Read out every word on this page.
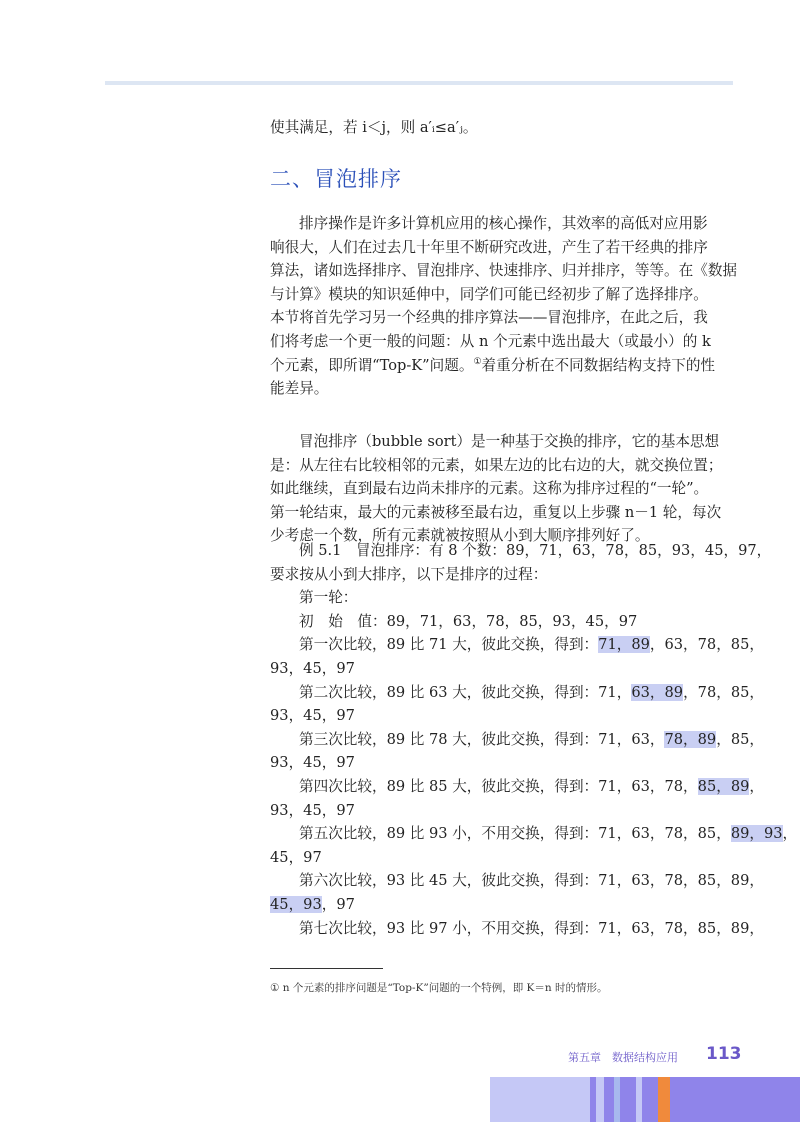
使其满足，若 i＜j，则 a′ᵢ≤a′ⱼ。
二、冒泡排序
排序操作是许多计算机应用的核心操作，其效率的高低对应用影
响很大，人们在过去几十年里不断研究改进，产生了若干经典的排序
算法，诸如选择排序、冒泡排序、快速排序、归并排序，等等。在《数据
与计算》模块的知识延伸中，同学们可能已经初步了解了选择排序。
本节将首先学习另一个经典的排序算法——冒泡排序，在此之后，我
们将考虑一个更一般的问题：从 n 个元素中选出最大（或最小）的 k
个元素，即所谓“Top-K”问题。①着重分析在不同数据结构支持下的性
能差异。
冒泡排序（bubble sort）是一种基于交换的排序，它的基本思想
是：从左往右比较相邻的元素，如果左边的比右边的大，就交换位置；
如此继续，直到最右边尚未排序的元素。这称为排序过程的“一轮”。
第一轮结束，最大的元素被移至最右边，重复以上步骤 n－1 轮，每次
少考虑一个数，所有元素就被按照从小到大顺序排列好了。
例 5.1　冒泡排序：有 8 个数：89，71，63，78，85，93，45，97，
要求按从小到大排序，以下是排序的过程：
第一轮：
初　始　值：89，71，63，78，85，93，45，97
第一次比较，89 比 71 大，彼此交换，得到：71，89，63，78，85，
93，45，97
第二次比较，89 比 63 大，彼此交换，得到：71，63，89，78，85，
93，45，97
第三次比较，89 比 78 大，彼此交换，得到：71，63，78，89，85，
93，45，97
第四次比较，89 比 85 大，彼此交换，得到：71，63，78，85，89，
93，45，97
第五次比较，89 比 93 小，不用交换，得到：71，63，78，85，89，93，
45，97
第六次比较，93 比 45 大，彼此交换，得到：71，63，78，85，89，
45，93，97
第七次比较，93 比 97 小，不用交换，得到：71，63，78，85，89，
① n 个元素的排序问题是“Top-K”问题的一个特例，即 K＝n 时的情形。
第五章　数据结构应用 113
